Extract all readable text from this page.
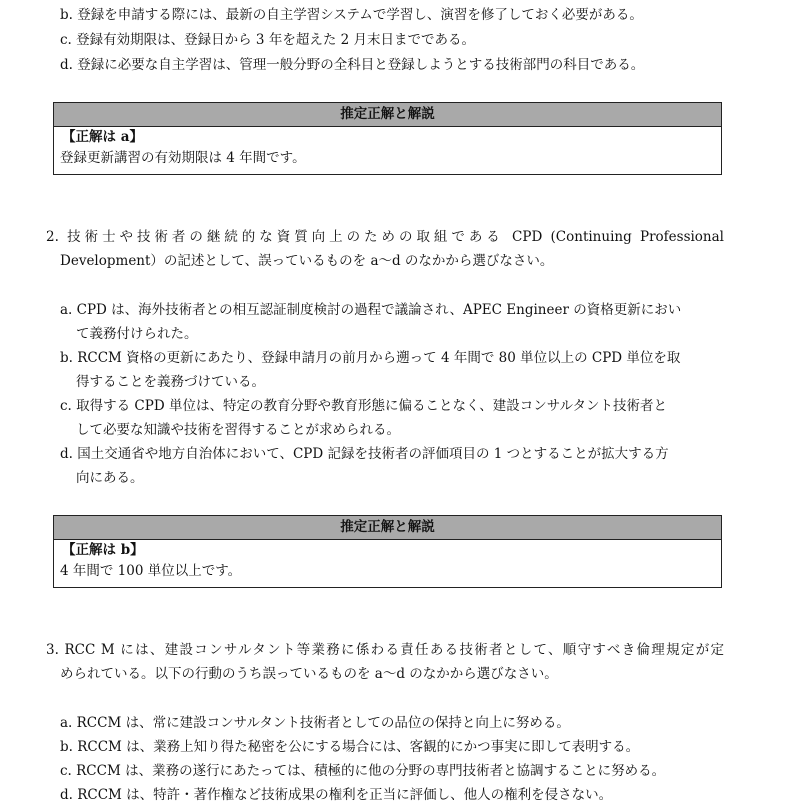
b. 登録を申請する際には、最新の自主学習システムで学習し、演習を修了しておく必要がある。
c. 登録有効期限は、登録日から 3 年を超えた 2 月末日までである。
d. 登録に必要な自主学習は、管理一般分野の全科目と登録しようとする技術部門の科目である。
推定正解と解説
【正解は a】
登録更新講習の有効期限は 4 年間です。
2. 技術士や技術者の継続的な資質向上のための取組である CPD (Continuing Professional
Development）の記述として、誤っているものを a～d のなかから選びなさい。
a. CPD は、海外技術者との相互認証制度検討の過程で議論され、APEC Engineer の資格更新におい
て義務付けられた。
b. RCCM 資格の更新にあたり、登録申請月の前月から遡って 4 年間で 80 単位以上の CPD 単位を取
得することを義務づけている。
c. 取得する CPD 単位は、特定の教育分野や教育形態に偏ることなく、建設コンサルタント技術者と
して必要な知識や技術を習得することが求められる。
d. 国土交通省や地方自治体において、CPD 記録を技術者の評価項目の 1 つとすることが拡大する方
向にある。
推定正解と解説
【正解は b】
4 年間で 100 単位以上です。
3. RCC M には、建設コンサルタント等業務に係わる責任ある技術者として、順守すべき倫理規定が定
められている。以下の行動のうち誤っているものを a～d のなかから選びなさい。
a. RCCM は、常に建設コンサルタント技術者としての品位の保持と向上に努める。
b. RCCM は、業務上知り得た秘密を公にする場合には、客観的にかつ事実に即して表明する。
c. RCCM は、業務の遂行にあたっては、積極的に他の分野の専門技術者と協調することに努める。
d. RCCM は、特許・著作権など技術成果の権利を正当に評価し、他人の権利を侵さない。
